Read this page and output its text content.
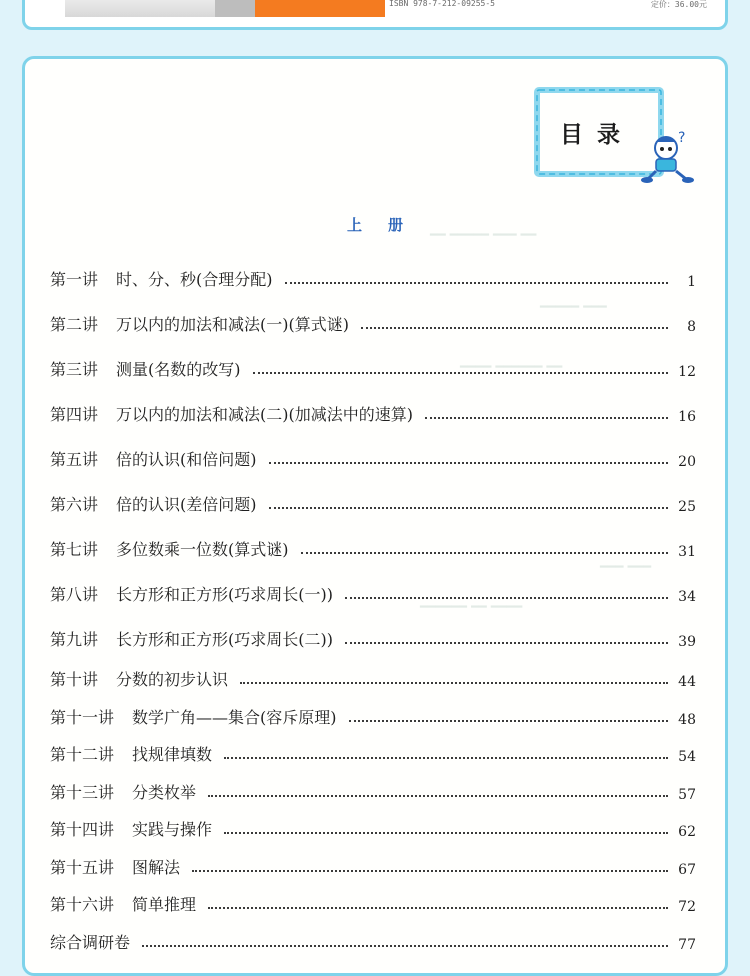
ISBN 978-7-212-09255-5	定价：36.00元
━━ ━━━━━ ━━━ ━━
━━━━━ ━━━
━━━━ ━━━━━━ ━━
━━━ ━━━
━━━━━━ ━━ ━━━━
目录	?
上册
第一讲 时、分、秒(合理分配)	1
第二讲 万以内的加法和减法(一)(算式谜)	8
第三讲 测量(名数的改写)	12
第四讲 万以内的加法和减法(二)(加减法中的速算)	16
第五讲 倍的认识(和倍问题)	20
第六讲 倍的认识(差倍问题)	25
第七讲 多位数乘一位数(算式谜)	31
第八讲 长方形和正方形(巧求周长(一))	34
第九讲 长方形和正方形(巧求周长(二))	39
第十讲 分数的初步认识	44
第十一讲 数学广角——集合(容斥原理)	48
第十二讲 找规律填数	54
第十三讲 分类枚举	57
第十四讲 实践与操作	62
第十五讲 图解法	67
第十六讲 简单推理	72
综合调研卷	77
